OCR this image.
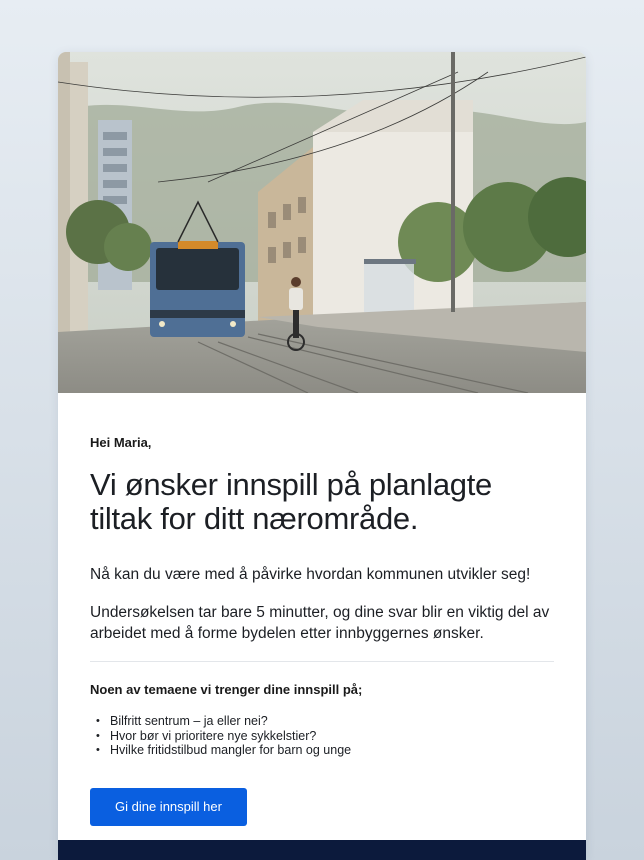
Hei Maria,
Vi ønsker innspill på planlagte
tiltak for ditt nærområde.
Nå kan du være med å påvirke hvordan kommunen utvikler seg!
Undersøkelsen tar bare 5 minutter, og dine svar blir en viktig del av
arbeidet med å forme bydelen etter innbyggernes ønsker.
Noen av temaene vi trenger dine innspill på;
• Bilfritt sentrum – ja eller nei?
• Hvor bør vi prioritere nye sykkelstier?
• Hvilke fritidstilbud mangler for barn og unge
Gi dine innspill her
